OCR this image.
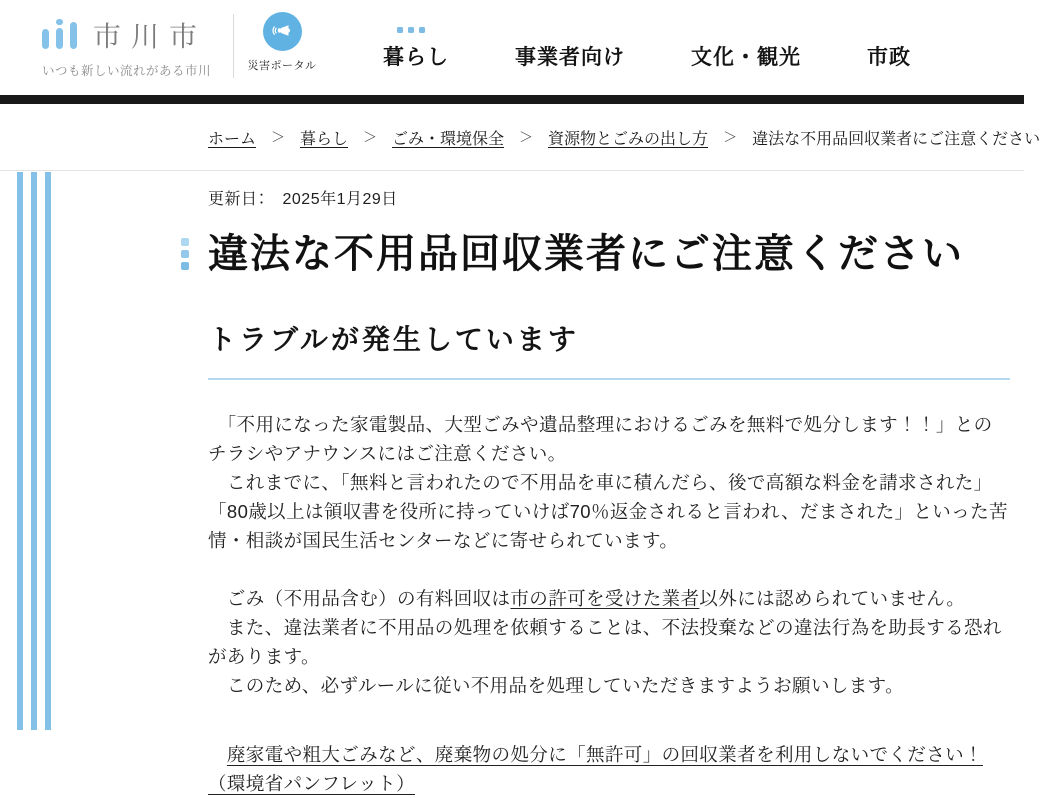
市川市
いつも新しい流れがある市川	災害ポータル	暮らし	事業者向け	文化・観光	市政
ホーム ＞ 暮らし ＞ ごみ・環境保全 ＞ 資源物とごみの出し方 ＞ 違法な不用品回収業者にご注意ください
更新日：　2025年1月29日
違法な不用品回収業者にご注意ください
トラブルが発生しています

　「不用になった家電製品、大型ごみや遺品整理におけるごみを無料で処分します！！」とのチラシやアナウンスにはご注意ください。

　これまでに、「無料と言われたので不用品を車に積んだら、後で高額な料金を請求された」「80歳以上は領収書を役所に持っていけば70％返金されると言われ、だまされた」といった苦情・相談が国民生活センターなどに寄せられています。

　ごみ（不用品含む）の有料回収は市の許可を受けた業者以外には認められていません。

　また、違法業者に不用品の処理を依頼することは、不法投棄などの違法行為を助長する恐れがあります。

　このため、必ずルールに従い不用品を処理していただきますようお願いします。

　廃家電や粗大ごみなど、廃棄物の処分に「無許可」の回収業者を利用しないでください！（環境省パンフレット）
